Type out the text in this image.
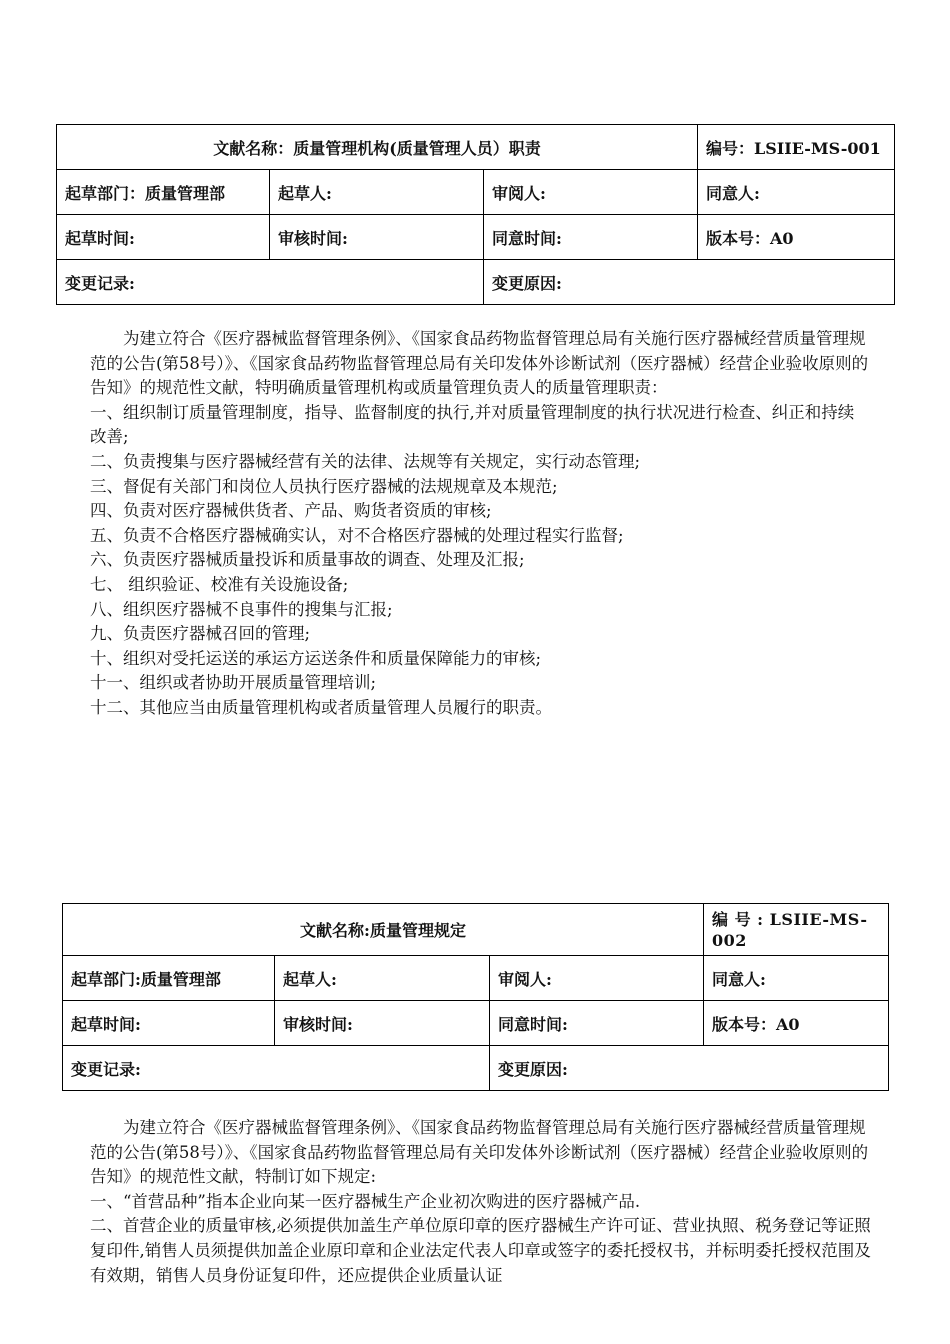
文献名称：质量管理机构(质量管理人员）职责			编号：LSIIE-MS-001
起草部门：质量管理部	起草人:	审阅人:	同意人:
起草时间:	审核时间:	同意时间:	版本号：A0
变更记录:		变更原因:	

为建立符合《医疗器械监督管理条例》、《国家食品药物监督管理总局有关施行医疗器械经营质量管理规范的公告(第58号）》、《国家食品药物监督管理总局有关印发体外诊断试剂（医疗器械）经营企业验收原则的告知》的规范性文献，特明确质量管理机构或质量管理负责人的质量管理职责：

一、组织制订质量管理制度，指导、监督制度的执行,并对质量管理制度的执行状况进行检查、纠正和持续改善;

二、负责搜集与医疗器械经营有关的法律、法规等有关规定，实行动态管理;

三、督促有关部门和岗位人员执行医疗器械的法规规章及本规范;

四、负责对医疗器械供货者、产品、购货者资质的审核;

五、负责不合格医疗器械确实认，对不合格医疗器械的处理过程实行监督;

六、负责医疗器械质量投诉和质量事故的调查、处理及汇报;

七、 组织验证、校准有关设施设备;

八、组织医疗器械不良事件的搜集与汇报;

九、负责医疗器械召回的管理;

十、组织对受托运送的承运方运送条件和质量保障能力的审核;

十一、组织或者协助开展质量管理培训;

十二、其他应当由质量管理机构或者质量管理人员履行的职责。

文献名称:质量管理规定			编 号 : LSIIE-MS-002
起草部门:质量管理部	起草人:	审阅人:	同意人:
起草时间:	审核时间:	同意时间:	版本号：A0
变更记录:		变更原因:	

为建立符合《医疗器械监督管理条例》、《国家食品药物监督管理总局有关施行医疗器械经营质量管理规范的公告(第58号）》、《国家食品药物监督管理总局有关印发体外诊断试剂（医疗器械）经营企业验收原则的告知》的规范性文献，特制订如下规定:

一、“首营品种”指本企业向某一医疗器械生产企业初次购进的医疗器械产品.

二、首营企业的质量审核,必须提供加盖生产单位原印章的医疗器械生产许可证、营业执照、税务登记等证照复印件,销售人员须提供加盖企业原印章和企业法定代表人印章或签字的委托授权书，并标明委托授权范围及有效期，销售人员身份证复印件，还应提供企业质量认证
